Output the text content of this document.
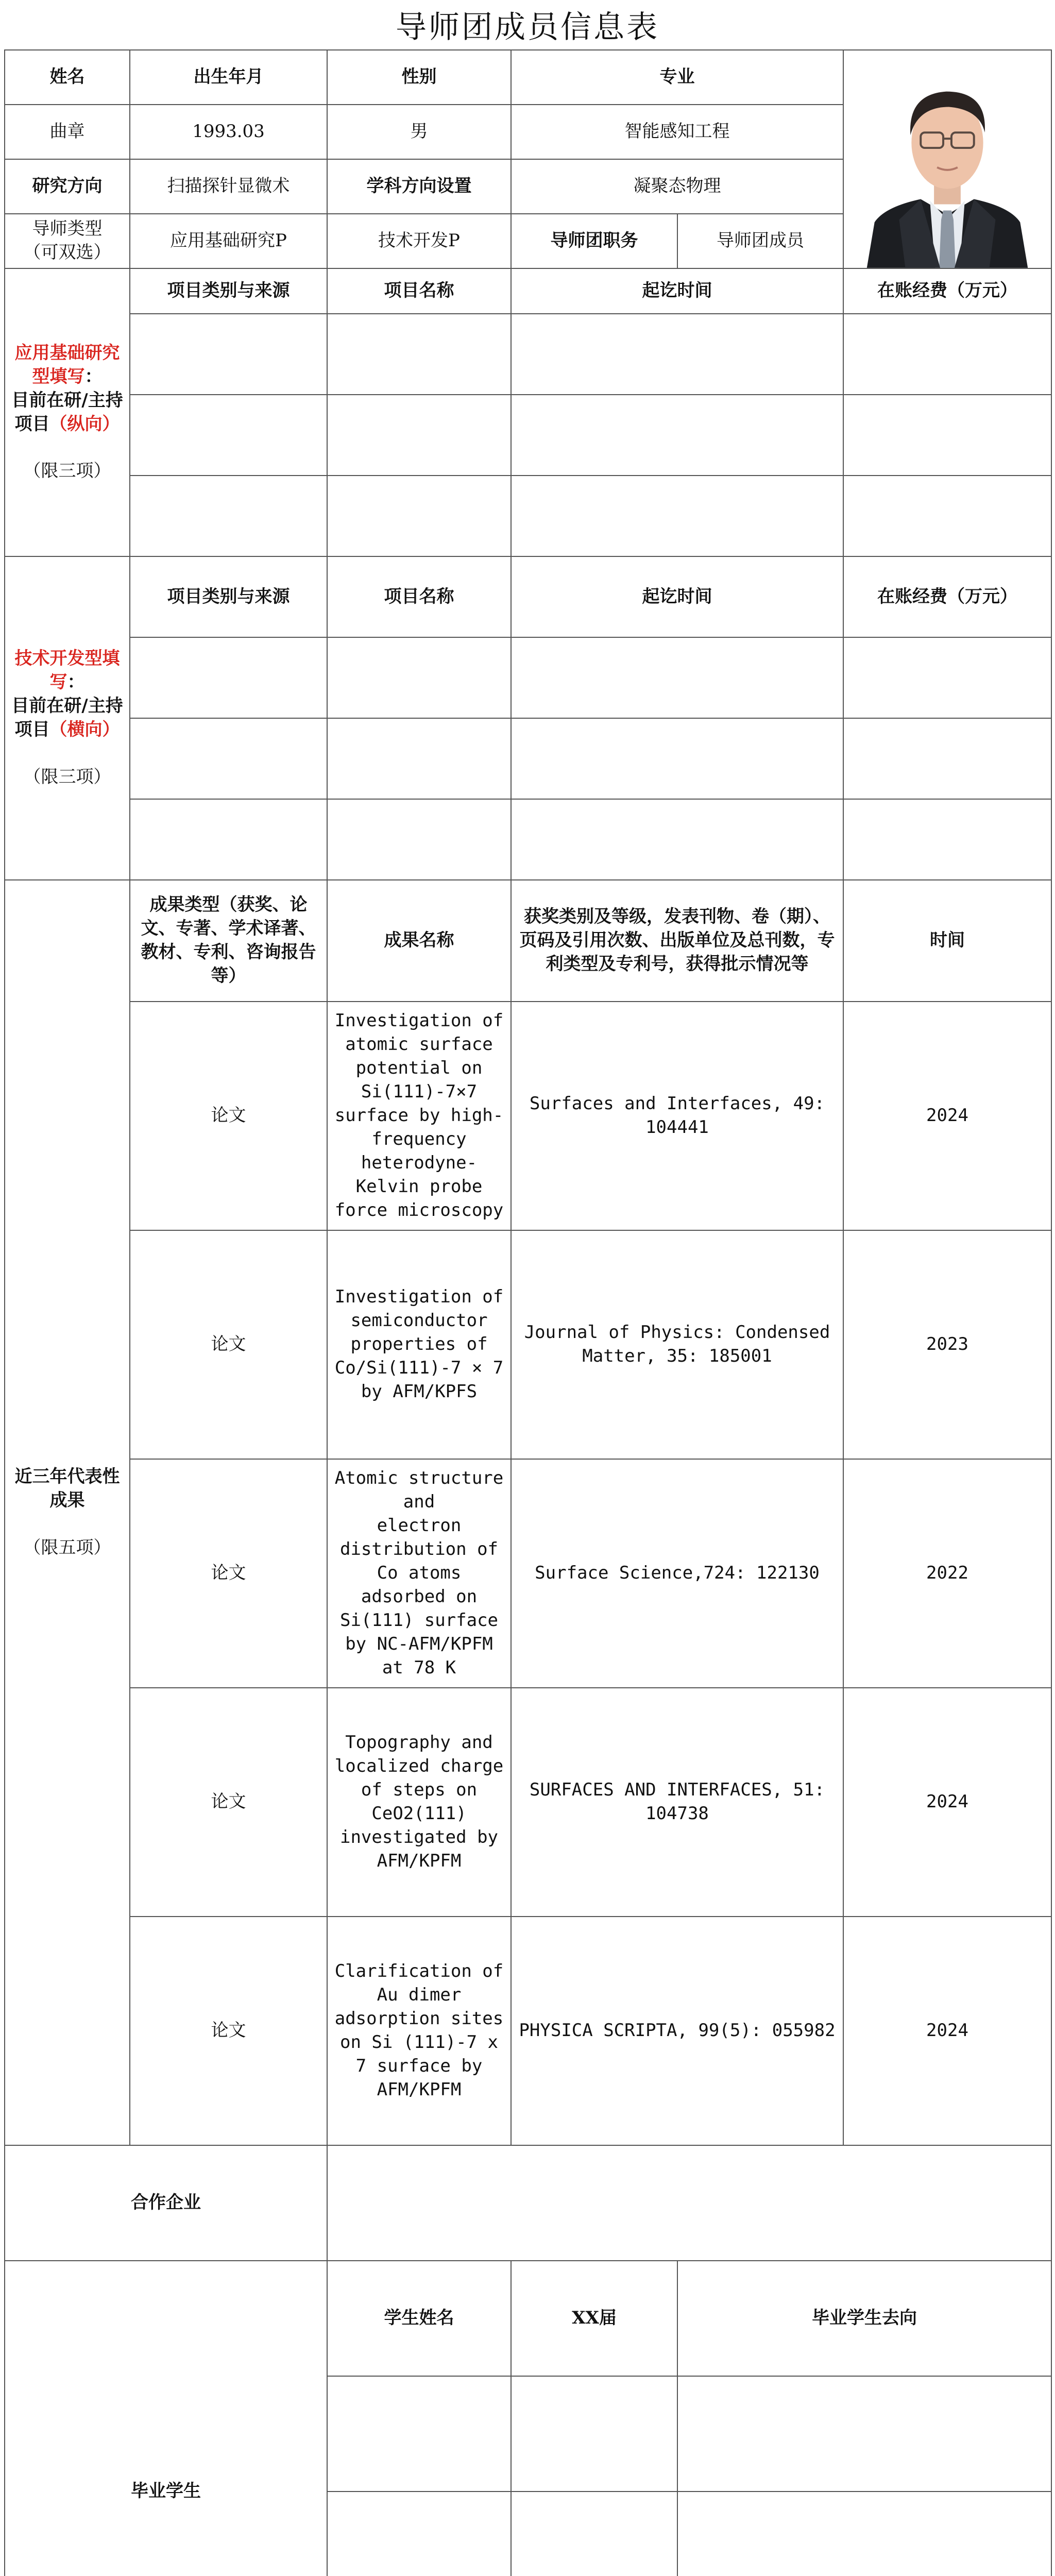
导师团成员信息表
姓名	出生年月	性别	专业	

曲章	1993.03	男	智能感知工程		
研究方向	扫描探针显微术	学科方向设置	凝聚态物理		

导师类型
（可双选）	应用基础研究P	技术开发P	导师团职务	导师团成员	
应用基础研究型填写：
目前在研/主持项目（纵向）

（限三项）	项目类别与来源	项目名称	起讫时间		在账经费（万元）

技术开发型填写：
目前在研/主持项目（横向）

（限三项）	项目类别与来源	项目名称	起讫时间		在账经费（万元）

近三年代表性成果

（限五项）	成果类型（获奖、论文、专著、学术译著、教材、专利、咨询报告等）	成果名称	获奖类别及等级，发表刊物、卷（期）、页码及引用次数、出版单位及总刊数，专利类型及专利号，获得批示情况等		时间
	论文	Investigation of atomic surface potential on Si(111)-7×7 surface by high-frequency heterodyne-Kelvin probe force microscopy	Surfaces and Interfaces, 49: 104441		2024
	论文	Investigation of semiconductor properties of Co/Si(111)-7 × 7 by AFM/KPFS	Journal of Physics: Condensed Matter, 35: 185001		2023
	论文	Atomic structure and
electron distribution of Co atoms adsorbed on Si(111) surface by NC-AFM/KPFM at 78 K	Surface Science,724: 122130		2022
	论文	Topography and localized charge of steps on CeO2(111) investigated by AFM/KPFM	SURFACES AND INTERFACES, 51: 104738		2024
	论文	Clarification of Au dimer adsorption sites on Si (111)-7 x 7 surface by AFM/KPFM	PHYSICA SCRIPTA, 99(5): 055982		2024
合作企业					
毕业学生		学生姓名	XX届	毕业学生去向	
